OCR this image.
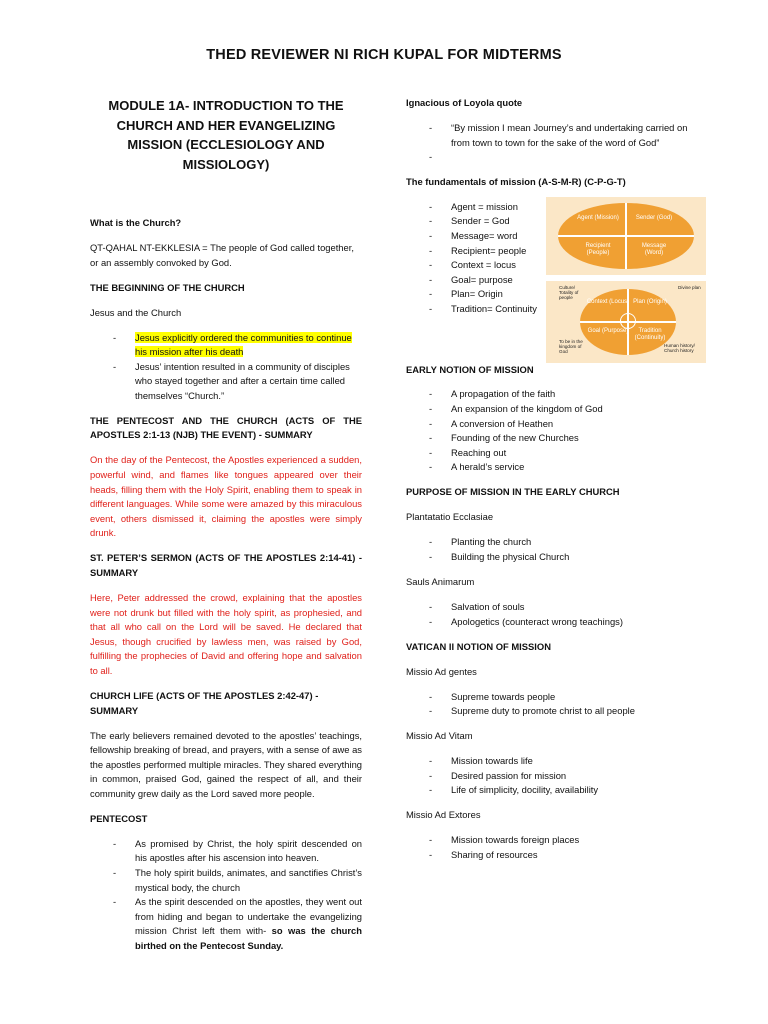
THED REVIEWER NI RICH KUPAL FOR MIDTERMS
MODULE 1A- INTRODUCTION TO THE CHURCH AND HER EVANGELIZING MISSION (ECCLESIOLOGY AND MISSIOLOGY)
What is the Church?
QT-QAHAL NT-EKKLESIA = The people of God called together, or an assembly convoked by God.
THE BEGINNING OF THE CHURCH
Jesus and the Church
- Jesus explicitly ordered the communities to continue his mission after his death
- Jesus’ intention resulted in a community of disciples who stayed together and after a certain time called themselves “Church.”
THE PENTECOST AND THE CHURCH (ACTS OF THE APOSTLES 2:1-13 (NJB) THE EVENT) - SUMMARY
On the day of the Pentecost, the Apostles experienced a sudden, powerful wind, and flames like tongues appeared over their heads, filling them with the Holy Spirit, enabling them to speak in different languages. While some were amazed by this miraculous event, others dismissed it, claiming the apostles were simply drunk.
ST. PETER’S SERMON (ACTS OF THE APOSTLES 2:14-41) - SUMMARY
Here, Peter addressed the crowd, explaining that the apostles were not drunk but filled with the holy spirit, as prophesied, and that all who call on the Lord will be saved. He declared that Jesus, though crucified by lawless men, was raised by God, fulfilling the prophecies of David and offering hope and salvation to all.
CHURCH LIFE (ACTS OF THE APOSTLES 2:42-47) -SUMMARY
The early believers remained devoted to the apostles’ teachings, fellowship breaking of bread, and prayers, with a sense of awe as the apostles performed multiple miracles. They shared everything in common, praised God, gained the respect of all, and their community grew daily as the Lord saved more people.
PENTECOST
- As promised by Christ, the holy spirit descended on his apostles after his ascension into heaven.
- The holy spirit builds, animates, and sanctifies Christ’s mystical body, the church
- As the spirit descended on the apostles, they went out from hiding and began to undertake the evangelizing mission Christ left them with- so was the church birthed on the Pentecost Sunday.
Ignacious of Loyola quote
- “By mission I mean Journey’s and undertaking carried on from town to town for the sake of the word of God”
-
The fundamentals of mission (A-S-M-R) (C-P-G-T)
- Agent = mission
- Sender = God
- Message= word
- Recipient= people
- Context = locus
- Goal= purpose
- Plan= Origin
- Tradition= Continuity
EARLY NOTION OF MISSION
- A propagation of the faith
- An expansion of the kingdom of God
- A conversion of Heathen
- Founding of the new Churches
- Reaching out
- A herald’s service
PURPOSE OF MISSION IN THE EARLY CHURCH
Plantatatio Ecclasiae
- Planting the church
- Building the physical Church
Sauls Animarum
- Salvation of souls
- Apologetics (counteract wrong teachings)
VATICAN II NOTION OF MISSION
Missio Ad gentes
- Supreme towards people
- Supreme duty to promote christ to all people
Missio Ad Vitam
- Mission towards life
- Desired passion for mission
- Life of simplicity, docility, availability
Missio Ad Extores
- Mission towards foreign places
- Sharing of resources
Agent (Mission)	Sender (God)
Recipient (People)
Message (Word)
Context (Locus) Plan (Origin)
Goal (Purpose)	Tradition (Continuity)
Culture/ Totality of people
Divine plan
To be in the kingdom of God
Human history/ Church history
